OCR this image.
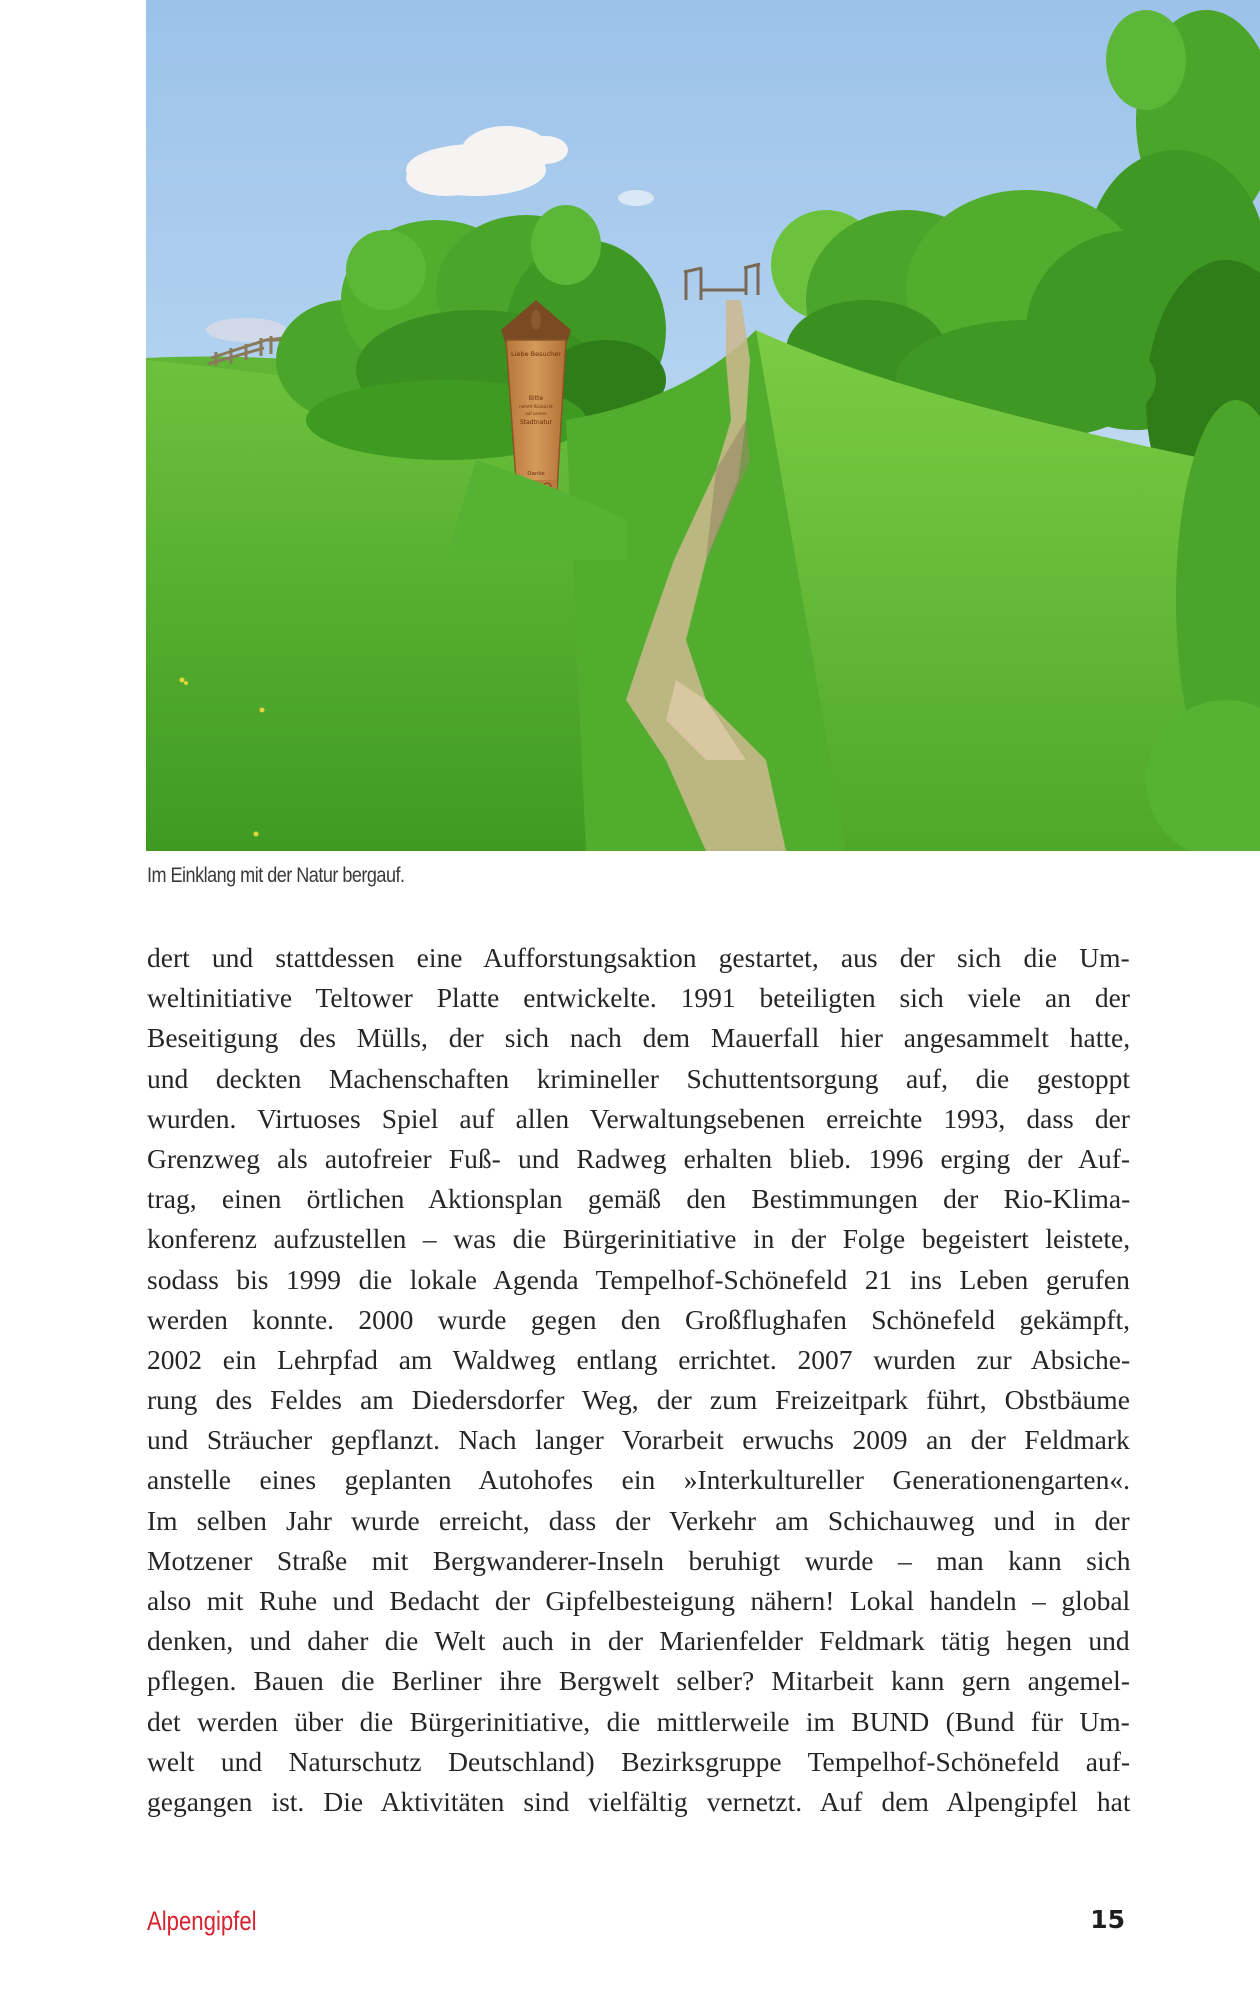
Liebe Besucher
Bitte
nehmt Rücksicht
auf unsere
Stadtnatur
Danke
Im Einklang mit der Natur bergauf.
dert und stattdessen eine Aufforstungsaktion gestartet, aus der sich die Um-
weltinitiative Teltower Platte entwickelte. 1991 beteiligten sich viele an der
Beseitigung des Mülls, der sich nach dem Mauerfall hier angesammelt hatte,
und deckten Machenschaften krimineller Schuttentsorgung auf, die gestoppt
wurden. Virtuoses Spiel auf allen Verwaltungsebenen erreichte 1993, dass der
Grenzweg als autofreier Fuß- und Radweg erhalten blieb. 1996 erging der Auf-
trag, einen örtlichen Aktionsplan gemäß den Bestimmungen der Rio-Klima-
konferenz aufzustellen – was die Bürgerinitiative in der Folge begeistert leistete,
sodass bis 1999 die lokale Agenda Tempelhof-Schönefeld 21 ins Leben gerufen
werden konnte. 2000 wurde gegen den Großflughafen Schönefeld gekämpft,
2002 ein Lehrpfad am Waldweg entlang errichtet. 2007 wurden zur Absiche-
rung des Feldes am Diedersdorfer Weg, der zum Freizeitpark führt, Obstbäume
und Sträucher gepflanzt. Nach langer Vorarbeit erwuchs 2009 an der Feldmark
anstelle eines geplanten Autohofes ein »Interkultureller Generationengarten«.
Im selben Jahr wurde erreicht, dass der Verkehr am Schichauweg und in der
Motzener Straße mit Bergwanderer-Inseln beruhigt wurde – man kann sich
also mit Ruhe und Bedacht der Gipfelbesteigung nähern! Lokal handeln – global
denken, und daher die Welt auch in der Marienfelder Feldmark tätig hegen und
pflegen. Bauen die Berliner ihre Bergwelt selber? Mitarbeit kann gern angemel-
det werden über die Bürgerinitiative, die mittlerweile im BUND (Bund für Um-
welt und Naturschutz Deutschland) Bezirksgruppe Tempelhof-Schönefeld auf-
gegangen ist. Die Aktivitäten sind vielfältig vernetzt. Auf dem Alpengipfel hat
Alpengipfel	15
